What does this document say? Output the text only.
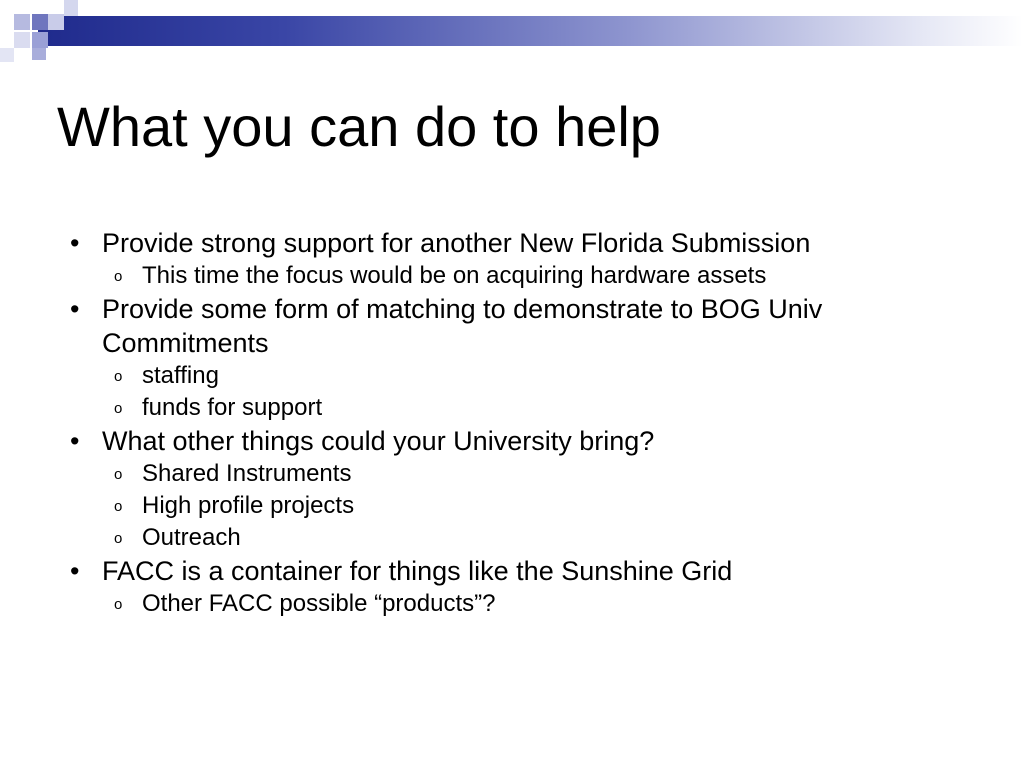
What you can do to help
• Provide strong support for another New Florida Submission
o This time the focus would be on acquiring hardware assets
• Provide some form of matching to demonstrate to BOG Univ Commitments
o staffing
o funds for support
• What other things could your University bring?
o Shared Instruments
o High profile projects
o Outreach
• FACC is a container for things like the Sunshine Grid
o Other FACC possible “products”?
